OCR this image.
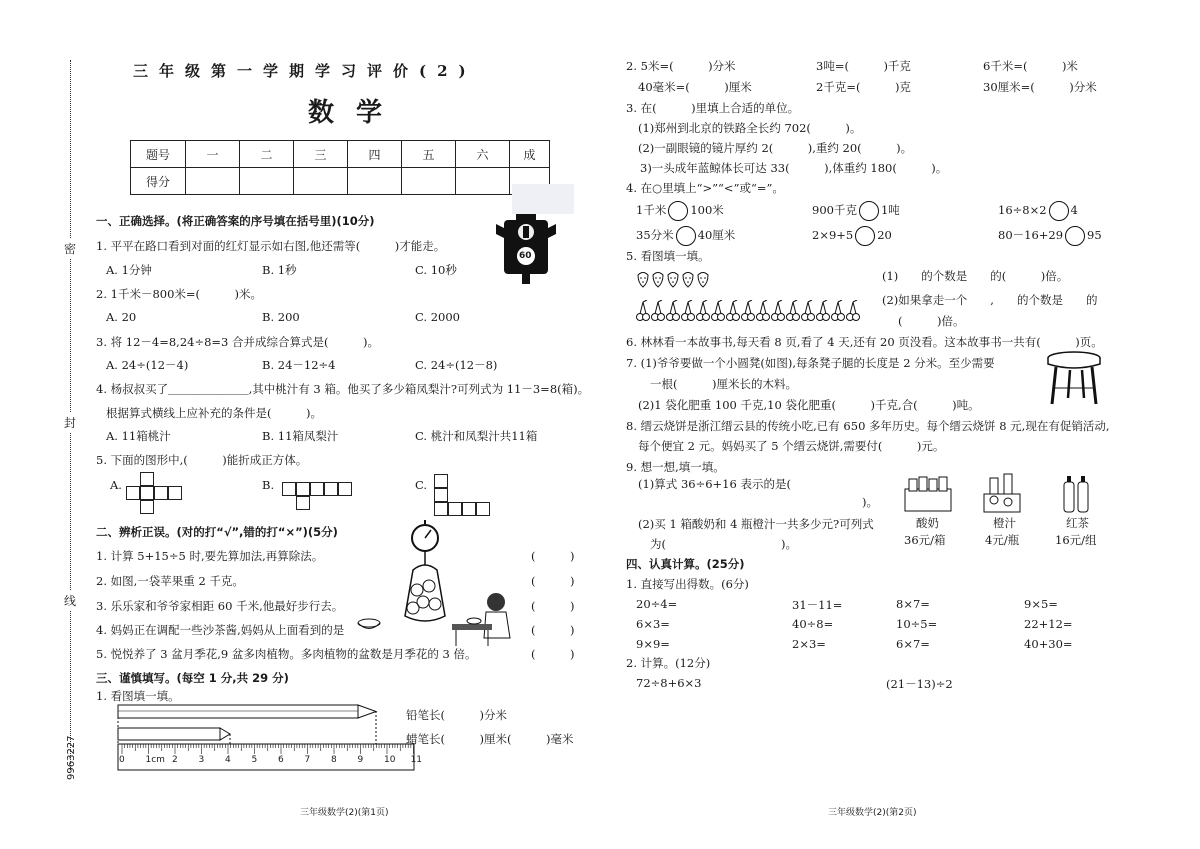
密
封
线
9963227
三年级第一学期学习评价(2)
数学
题号	一	二	三	四	五	六	成
得分							
一、正确选择。(将正确答案的序号填在括号里)(10分)
1. 平平在路口看到对面的红灯显示如右图,他还需等(　　　)才能走。
A. 1分钟	B. 1秒	C. 10秒
60
2. 1千米－800米=(　　　)米。
A. 20	B. 200	C. 2000
3. 将 12－4=8,24÷8=3 合并成综合算式是(　　　)。
A. 24÷(12－4)	B. 24－12÷4	C. 24÷(12－8)
4. 杨叔叔买了＿＿＿＿＿＿＿,其中桃汁有 3 箱。他买了多少箱凤梨汁?可列式为 11－3=8(箱)。
根据算式横线上应补充的条件是(　　　)。
A. 11箱桃汁	B. 11箱凤梨汁	C. 桃汁和凤梨汁共11箱
5. 下面的图形中,(　　　)能折成正方体。
A.	B.	C.
二、辨析正误。(对的打“√”,错的打“×”)(5分)
1. 计算 5+15÷5 时,要先算加法,再算除法。
2. 如图,一袋苹果重 2 千克。
3. 乐乐家和爷爷家相距 60 千米,他最好步行去。
4. 妈妈正在调配一些沙茶酱,妈妈从上面看到的是
5. 悦悦养了 3 盆月季花,9 盆多肉植物。多肉植物的盆数是月季花的 3 倍。
(　　　)
(　　　)
(　　　)
(　　　)
(　　　)
三、谨慎填写。(每空 1 分,共 29 分)
1. 看图填一填。
0 1cm 2 3 4 5 6 7 8 9 10 11
铅笔长(　　　)分米
蜡笔长(　　　)厘米(　　　)毫米
三年级数学(2)(第1页)
2. 5米=(　　　)分米	3吨=(　　　)千克	6千米=(　　　)米
40毫米=(　　　)厘米	2千克=(　　　)克	30厘米=(　　　)分米
3. 在(　　　)里填上合适的单位。
(1)郑州到北京的铁路全长约 702(　　　)。
(2)一副眼镜的镜片厚约 2(　　　),重约 20(　　　)。
3)一头成年蓝鲸体长可达 33(　　　),体重约 180(　　　)。
4. 在○里填上“>”“<”或“=”。
1千米 100米	900千克 1吨	16÷8×2 4
35分米 40厘米	2×9+5 20	80－16+29 95
5. 看图填一填。
(1)　　的个数是　　的(　　　)倍。
(2)如果拿走一个　　,　　的个数是　　的
(　　　)倍。
6. 林林看一本故事书,每天看 8 页,看了 4 天,还有 20 页没看。这本故事书一共有(　　　)页。
7. (1)爷爷要做一个小圆凳(如图),每条凳子腿的长度是 2 分米。至少需要
一根(　　　)厘米长的木料。
(2)1 袋化肥重 100 千克,10 袋化肥重(　　　)千克,合(　　　)吨。
8. 缙云烧饼是浙江缙云县的传统小吃,已有 650 多年历史。每个缙云烧饼 8 元,现在有促销活动,
每个便宜 2 元。妈妈买了 5 个缙云烧饼,需要付(　　　)元。
9. 想一想,填一填。
(1)算式 36÷6+16 表示的是(
)。
(2)买 1 箱酸奶和 4 瓶橙汁一共多少元?可列式
为(　　　　　　　　　　)。
酸奶
36元/箱
橙汁
4元/瓶
红茶
16元/组
四、认真计算。(25分)
1. 直接写出得数。(6分)
20÷4=	31－11=	8×7=	9×5=
6×3=	40÷8=	10÷5=	22+12=
9×9=	2×3=	6×7=	40+30=
2. 计算。(12分)
72÷8+6×3	(21－13)÷2
三年级数学(2)(第2页)
